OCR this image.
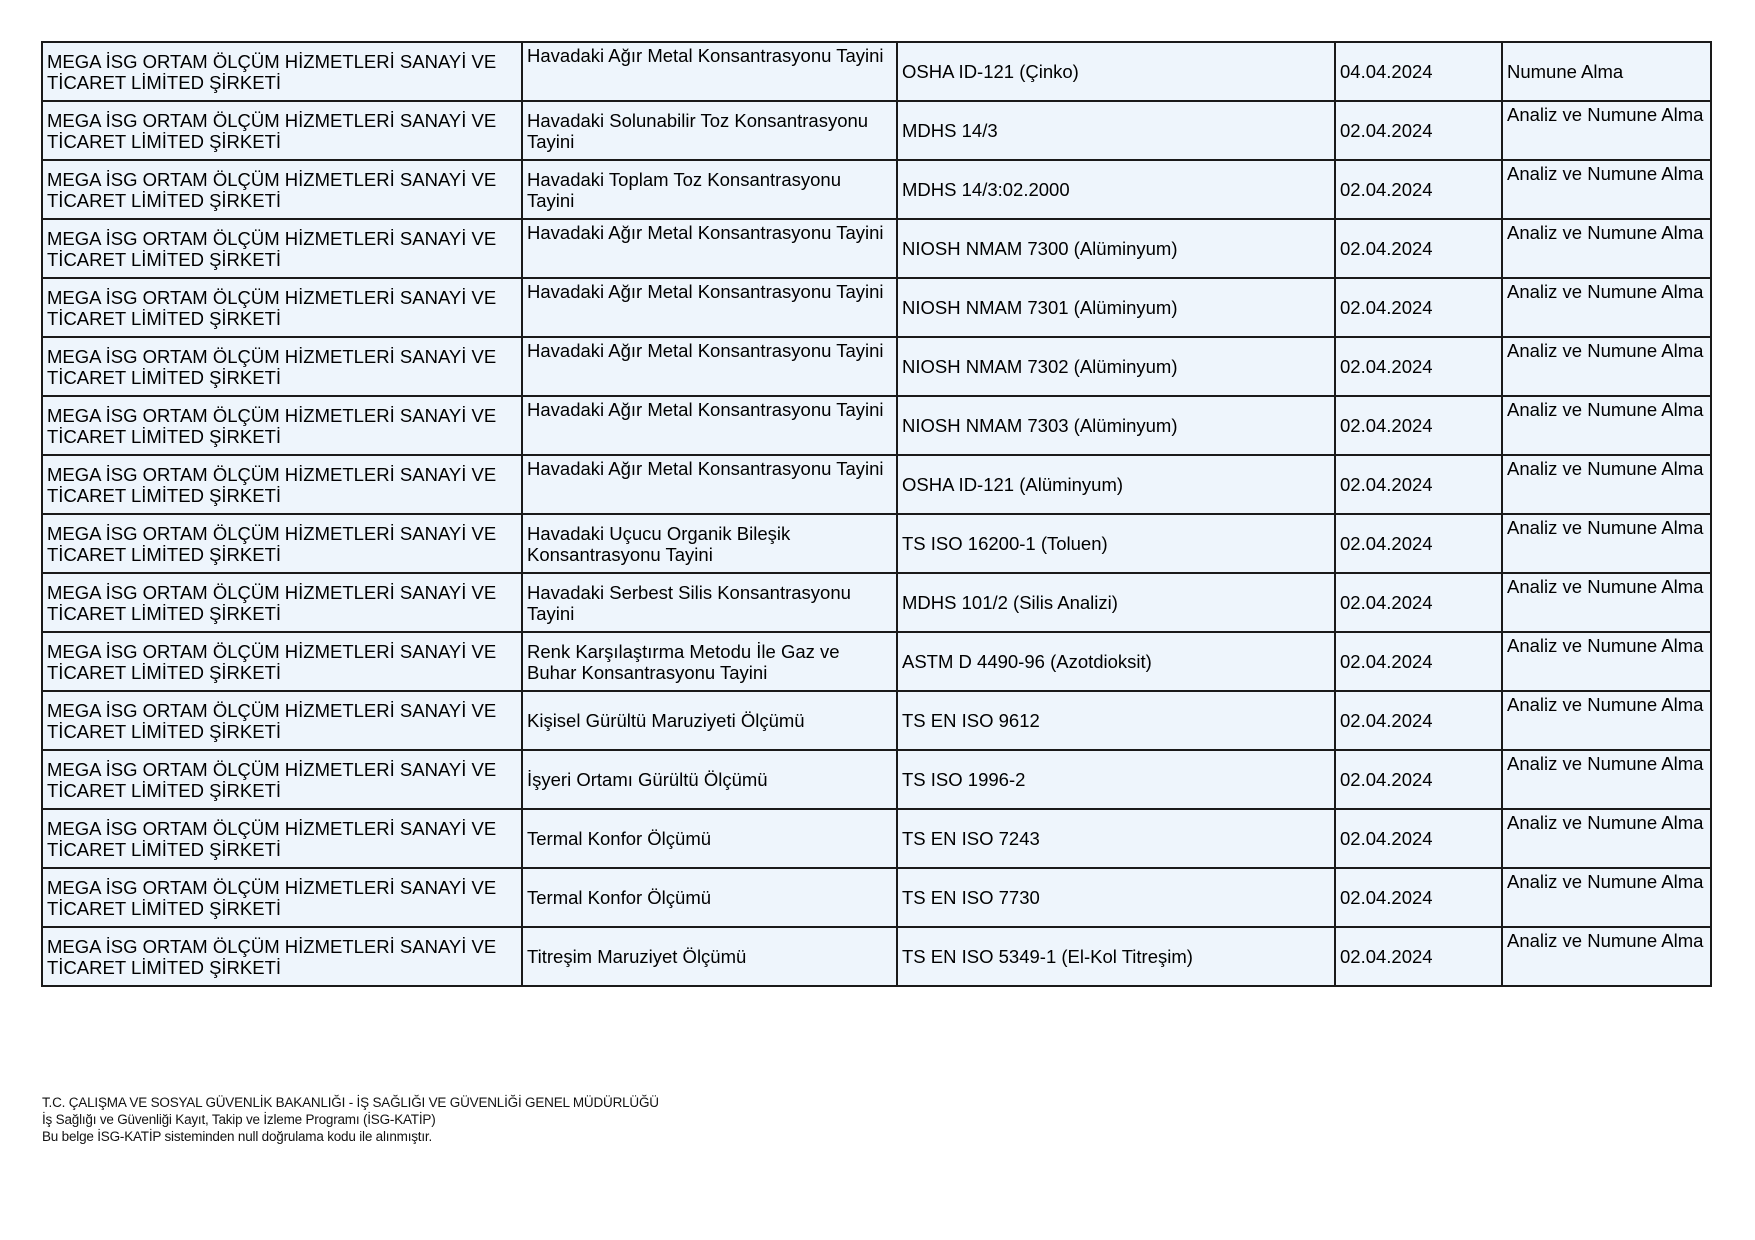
MEGA İSG ORTAM ÖLÇÜM HİZMETLERİ SANAYİ VE TİCARET LİMİTED ŞİRKETİ	Havadaki Ağır Metal Konsantrasyonu Tayini	OSHA ID-121 (Çinko)	04.04.2024	Numune Alma

MEGA İSG ORTAM ÖLÇÜM HİZMETLERİ SANAYİ VE TİCARET LİMİTED ŞİRKETİ	Havadaki Solunabilir Toz Konsantrasyonu Tayini	MDHS 14/3	02.04.2024	Analiz ve Numune Alma

MEGA İSG ORTAM ÖLÇÜM HİZMETLERİ SANAYİ VE TİCARET LİMİTED ŞİRKETİ	Havadaki Toplam Toz Konsantrasyonu Tayini	MDHS 14/3:02.2000	02.04.2024	Analiz ve Numune Alma

MEGA İSG ORTAM ÖLÇÜM HİZMETLERİ SANAYİ VE TİCARET LİMİTED ŞİRKETİ	Havadaki Ağır Metal Konsantrasyonu Tayini	NIOSH NMAM 7300 (Alüminyum)	02.04.2024	Analiz ve Numune Alma

MEGA İSG ORTAM ÖLÇÜM HİZMETLERİ SANAYİ VE TİCARET LİMİTED ŞİRKETİ	Havadaki Ağır Metal Konsantrasyonu Tayini	NIOSH NMAM 7301 (Alüminyum)	02.04.2024	Analiz ve Numune Alma

MEGA İSG ORTAM ÖLÇÜM HİZMETLERİ SANAYİ VE TİCARET LİMİTED ŞİRKETİ	Havadaki Ağır Metal Konsantrasyonu Tayini	NIOSH NMAM 7302 (Alüminyum)	02.04.2024	Analiz ve Numune Alma

MEGA İSG ORTAM ÖLÇÜM HİZMETLERİ SANAYİ VE TİCARET LİMİTED ŞİRKETİ	Havadaki Ağır Metal Konsantrasyonu Tayini	NIOSH NMAM 7303 (Alüminyum)	02.04.2024	Analiz ve Numune Alma

MEGA İSG ORTAM ÖLÇÜM HİZMETLERİ SANAYİ VE TİCARET LİMİTED ŞİRKETİ	Havadaki Ağır Metal Konsantrasyonu Tayini	OSHA ID-121 (Alüminyum)	02.04.2024	Analiz ve Numune Alma

MEGA İSG ORTAM ÖLÇÜM HİZMETLERİ SANAYİ VE TİCARET LİMİTED ŞİRKETİ	Havadaki Uçucu Organik Bileşik Konsantrasyonu Tayini	TS ISO 16200-1 (Toluen)	02.04.2024	Analiz ve Numune Alma

MEGA İSG ORTAM ÖLÇÜM HİZMETLERİ SANAYİ VE TİCARET LİMİTED ŞİRKETİ	Havadaki Serbest Silis Konsantrasyonu Tayini	MDHS 101/2 (Silis Analizi)	02.04.2024	Analiz ve Numune Alma

MEGA İSG ORTAM ÖLÇÜM HİZMETLERİ SANAYİ VE TİCARET LİMİTED ŞİRKETİ	Renk Karşılaştırma Metodu İle Gaz ve Buhar Konsantrasyonu Tayini	ASTM D 4490-96 (Azotdioksit)	02.04.2024	Analiz ve Numune Alma

MEGA İSG ORTAM ÖLÇÜM HİZMETLERİ SANAYİ VE TİCARET LİMİTED ŞİRKETİ	Kişisel Gürültü Maruziyeti Ölçümü	TS EN ISO 9612	02.04.2024	Analiz ve Numune Alma

MEGA İSG ORTAM ÖLÇÜM HİZMETLERİ SANAYİ VE TİCARET LİMİTED ŞİRKETİ	İşyeri Ortamı Gürültü Ölçümü	TS ISO 1996-2	02.04.2024	Analiz ve Numune Alma

MEGA İSG ORTAM ÖLÇÜM HİZMETLERİ SANAYİ VE TİCARET LİMİTED ŞİRKETİ	Termal Konfor Ölçümü	TS EN ISO 7243	02.04.2024	Analiz ve Numune Alma

MEGA İSG ORTAM ÖLÇÜM HİZMETLERİ SANAYİ VE TİCARET LİMİTED ŞİRKETİ	Termal Konfor Ölçümü	TS EN ISO 7730	02.04.2024	Analiz ve Numune Alma

MEGA İSG ORTAM ÖLÇÜM HİZMETLERİ SANAYİ VE TİCARET LİMİTED ŞİRKETİ	Titreşim Maruziyet Ölçümü	TS EN ISO 5349-1 (El-Kol Titreşim)	02.04.2024	Analiz ve Numune Alma
T.C. ÇALIŞMA VE SOSYAL GÜVENLİK BAKANLIĞI - İŞ SAĞLIĞI VE GÜVENLİĞİ GENEL MÜDÜRLÜĞÜ
İş Sağlığı ve Güvenliği Kayıt, Takip ve İzleme Programı (İSG-KATİP)
Bu belge İSG-KATİP sisteminden null doğrulama kodu ile alınmıştır.
